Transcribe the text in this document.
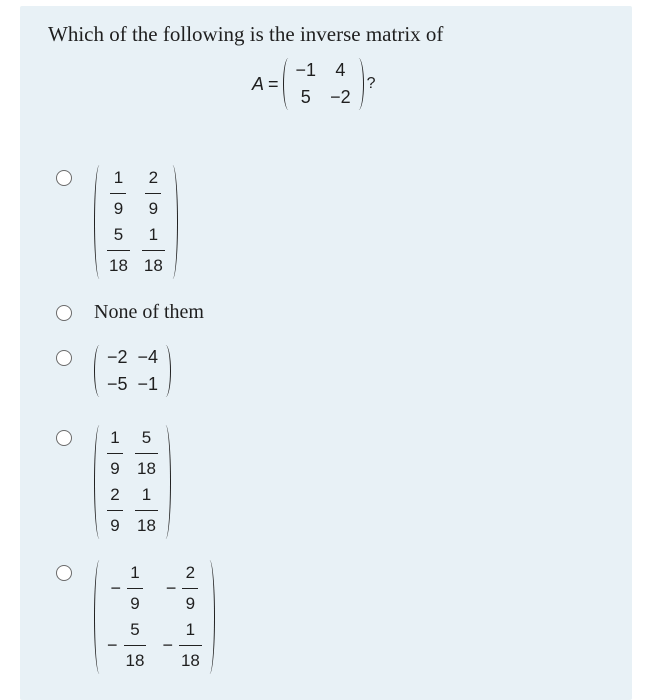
Which of the following is the inverse matrix of
A =
−1 4
5 −2
?
$\frac{1}{9} \frac{2}{9}$
$\frac{5}{18} \frac{1}{18}$
None of them
−2 −4
−5 −1
$\frac{1}{9} \frac{5}{18}$
$\frac{2}{9} \frac{1}{18}$
− $\frac{1}{9} - \frac{2}{9}$
− $\frac{5}{18} - \frac{1}{18}$
